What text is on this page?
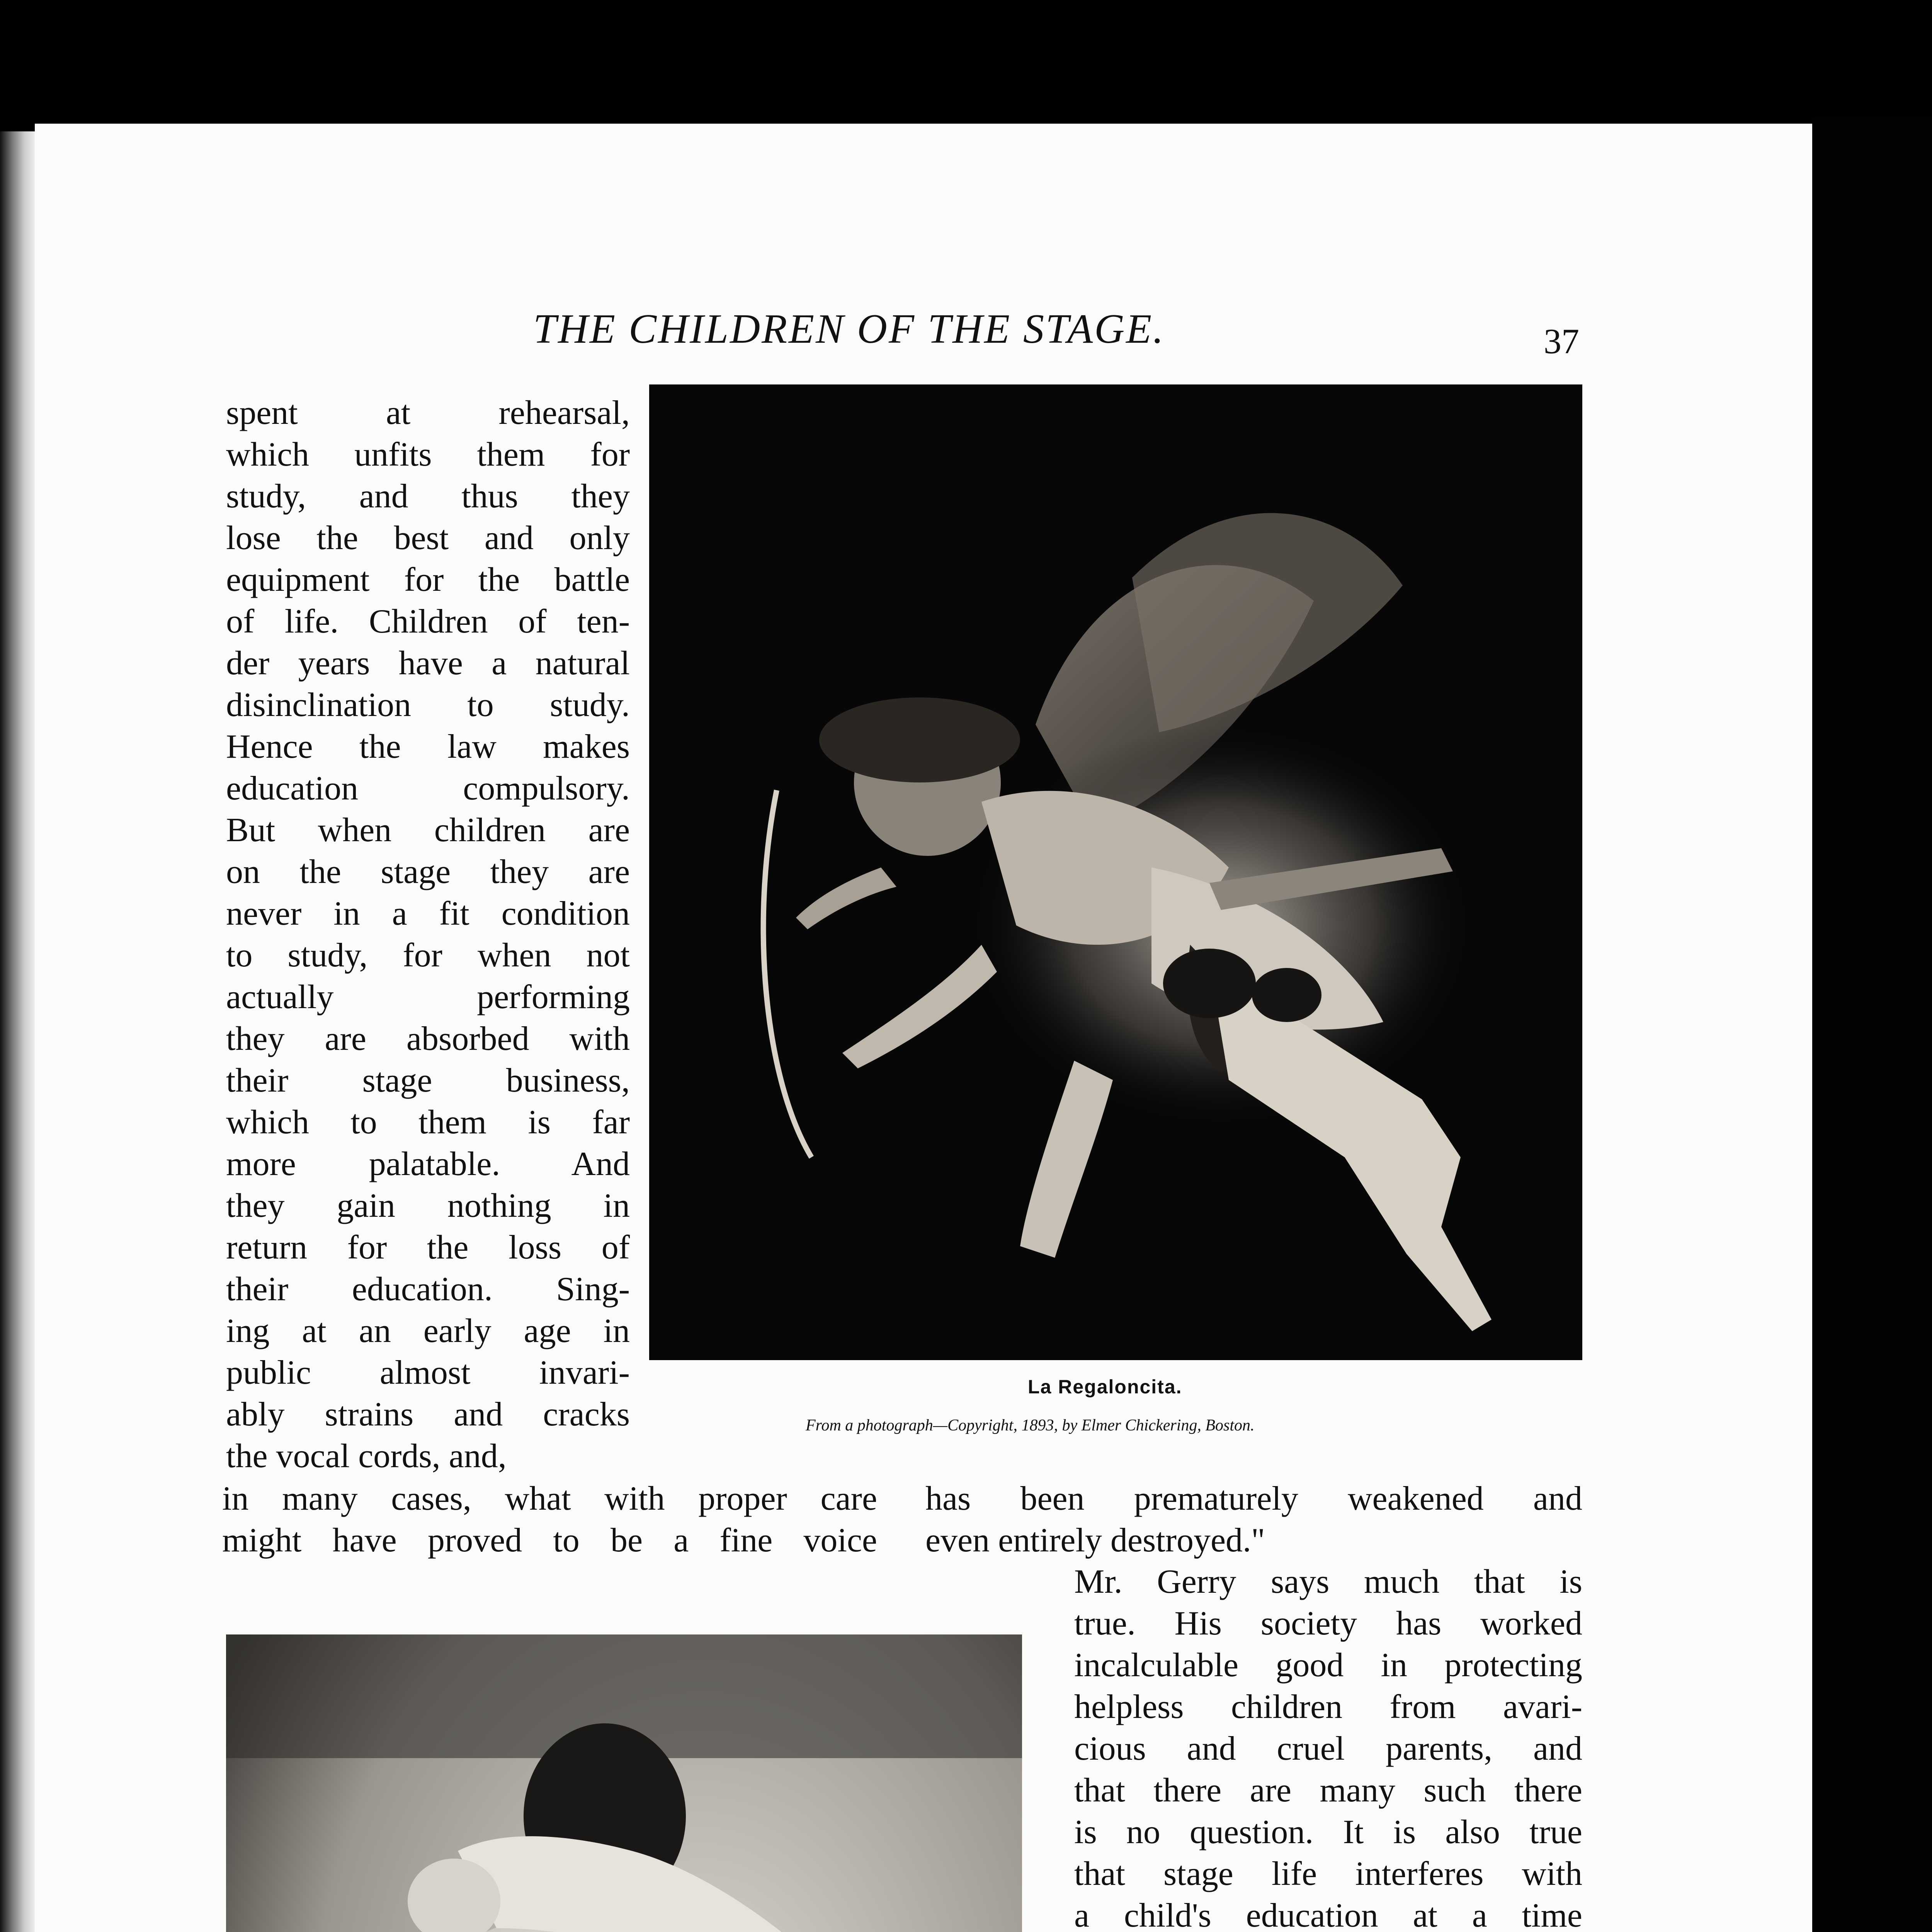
THE CHILDREN OF THE STAGE.	37
La Regaloncita.
From a photograph—Copyright, 1893, by Elmer Chickering, Boston.
spent at rehearsal,
which unfits them for
study, and thus they
lose the best and only
equipment for the battle
of life. Children of ten-
der years have a natural
disinclination to study.
Hence the law makes
education compulsory.
But when children are
on the stage they are
never in a fit condition
to study, for when not
actually performing
they are absorbed with
their stage business,
which to them is far
more palatable. And
they gain nothing in
return for the loss of
their education. Sing-
ing at an early age in
public almost invari-
ably strains and cracks
the vocal cords, and,
in many cases, what with proper care
might have proved to be a fine voice
has been prematurely weakened and
even entirely destroyed."
Mr. Gerry says much that is
true. His society has worked
incalculable good in protecting
helpless children from avari-
cious and cruel parents, and
that there are many such there
is no question. It is also true
that stage life interferes with
a child's education at a time
